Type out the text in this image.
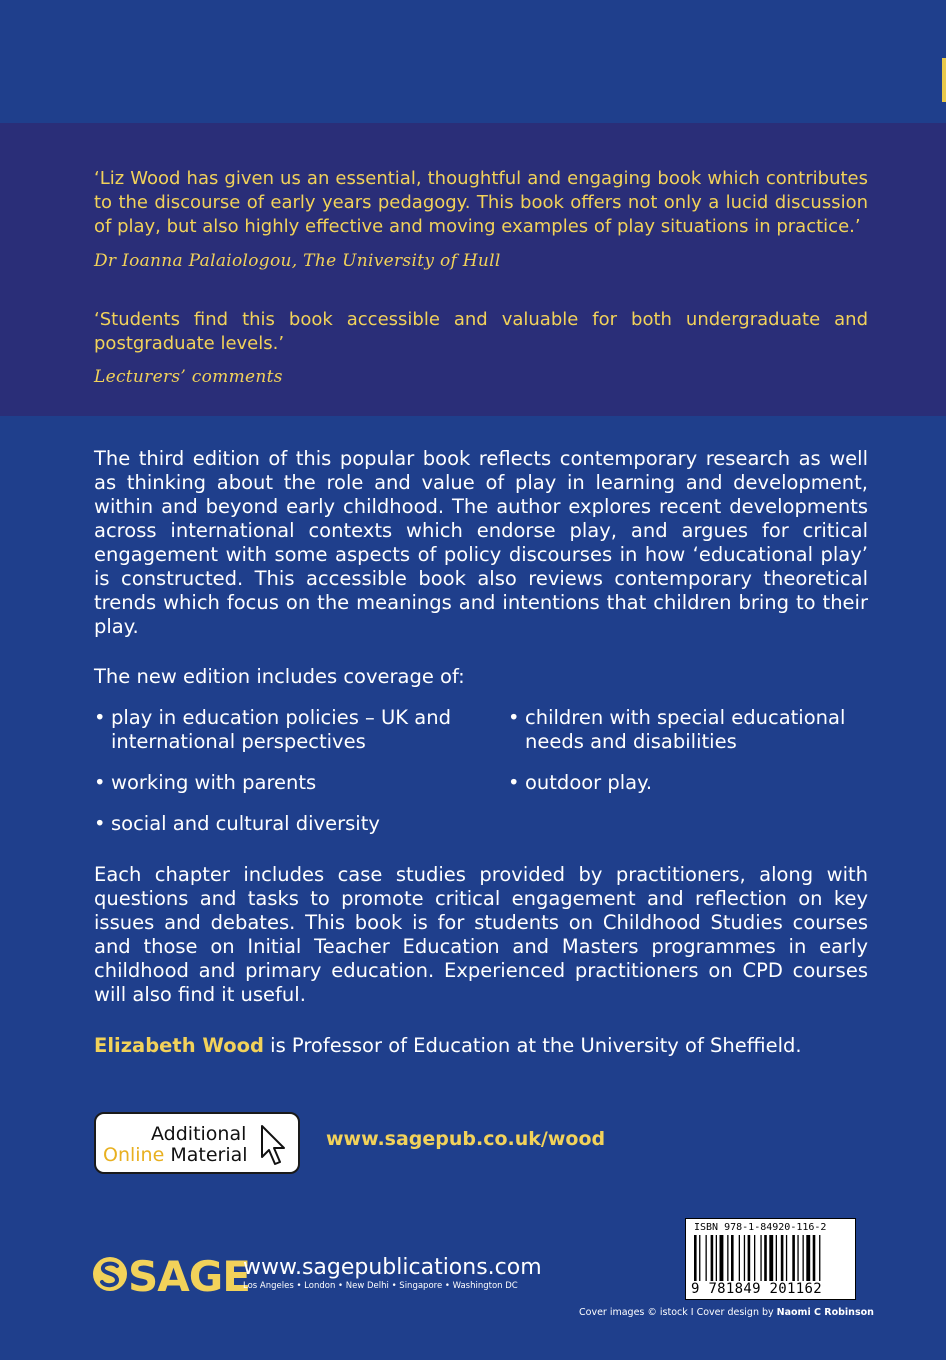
‘Liz Wood has given us an essential, thoughtful and engaging book which contributes to the discourse of early years pedagogy. This book offers not only a lucid discussion of play, but also highly effective and moving examples of play situations in practice.’
Dr Ioanna Palaiologou, The University of Hull
‘Students find this book accessible and valuable for both undergraduate and postgraduate levels.’
Lecturers’ comments
The third edition of this popular book reflects contemporary research as well as thinking about the role and value of play in learning and development, within and beyond early childhood. The author explores recent developments across international contexts which endorse play, and argues for critical engagement with some aspects of policy discourses in how ‘educational play’ is constructed. This accessible book also reviews contemporary theoretical trends which focus on the meanings and intentions that children bring to their play.
The new edition includes coverage of:
• play in education policies – UK and international perspectives
• children with special educational needs and disabilities
• working with parents	• outdoor play.
• social and cultural diversity
Each chapter includes case studies provided by practitioners, along with questions and tasks to promote critical engagement and reflection on key issues and debates. This book is for students on Childhood Studies courses and those on Initial Teacher Education and Masters programmes in early childhood and primary education. Experienced practitioners on CPD courses will also find it useful.
Elizabeth Wood is Professor of Education at the University of Sheffield.
Additional
Online Material
www.sagepub.co.uk/wood
ISBN 978-1-84920-116-2
9 781849 201162
SAGE
www.sagepublications.com
Los Angeles • London • New Delhi • Singapore • Washington DC
Cover images © istock I Cover design by Naomi C Robinson
